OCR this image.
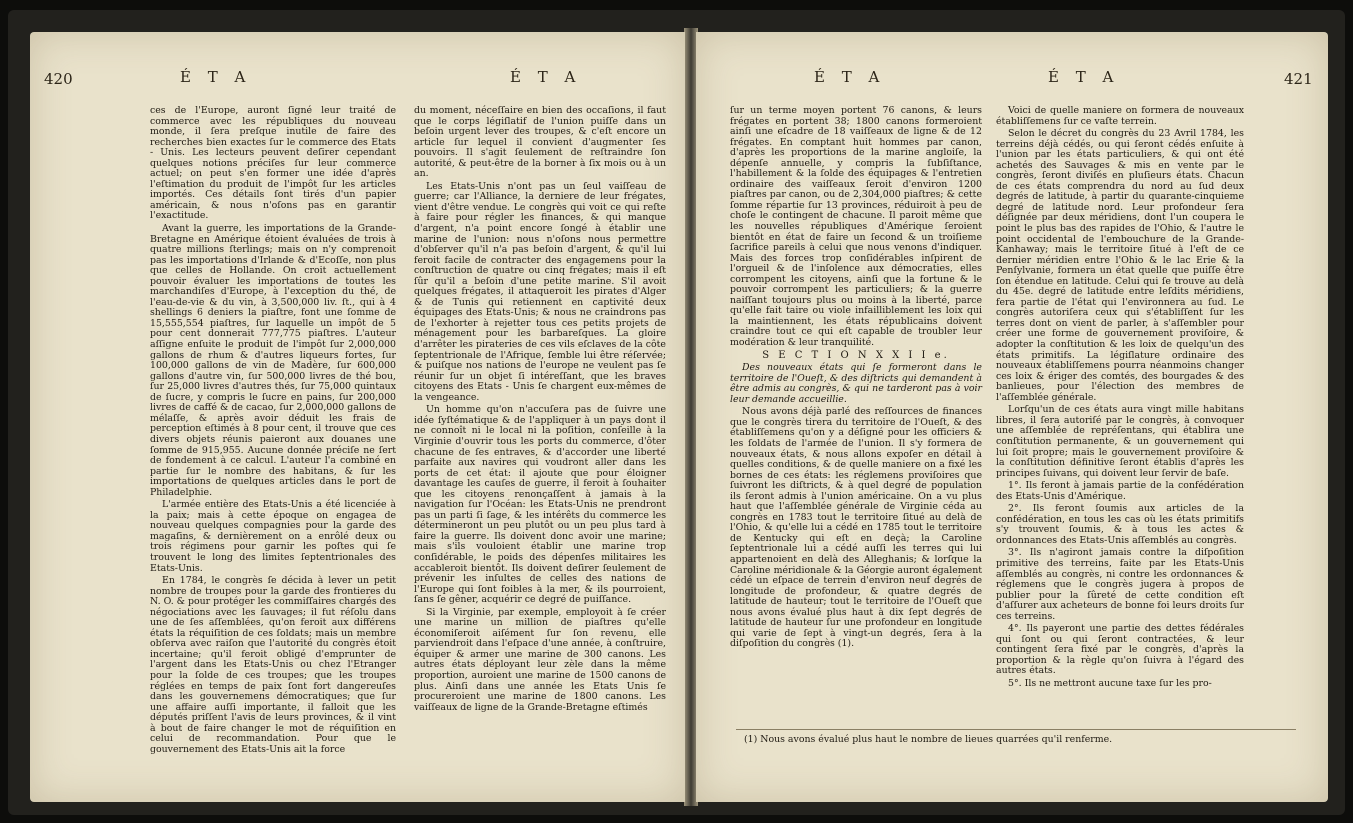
420	É T A	É T A

ces de l'Europe, auront ſigné leur traité de commerce avec les républiques du nouveau monde, il ſera preſque inutile de faire des recherches bien exactes ſur le commerce des Etats - Unis. Les lecteurs peuvent deſirer cependant quelques notions préciſes ſur leur commerce actuel; on peut s'en former une idée d'après l'eſtimation du produit de l'impôt ſur les articles importés. Ces détails ſont tirés d'un papier américain, & nous n'oſons pas en garantir l'exactitude.

Avant la guerre, les importations de la Grande-Bretagne en Amérique étoient évaluées de trois à quatre millions ſterlings; mais on n'y comprenoit pas les importations d'Irlande & d'Ecoſſe, non plus que celles de Hollande. On croit actuellement pouvoir évaluer les importations de toutes les marchandiſes d'Europe, à l'exception du thé, de l'eau-de-vie & du vin, à 3,500,000 liv. ſt., qui à 4 shellings 6 deniers la piaſtre, font une ſomme de 15,555,554 piaſtres, ſur laquelle un impôt de 5 pour cent donnerait 777,775 piaſtres. L'auteur aſſigne enſuite le produit de l'impôt ſur 2,000,000 gallons de rhum & d'autres liqueurs fortes, ſur 100,000 gallons de vin de Madère, ſur 600,000 gallons d'autre vin, ſur 500,000 livres de thé bou, ſur 25,000 livres d'autres thés, ſur 75,000 quintaux de ſucre, y compris le ſucre en pains, ſur 200,000 livres de caffé & de cacao, ſur 2,000,000 gallons de mélaſſe, & après avoir déduit les frais de perception eſtimés à 8 pour cent, il trouve que ces divers objets réunis paieront aux douanes une ſomme de 915,955. Aucune donnée préciſe ne ſert de fondement à ce calcul. L'auteur l'a combiné en partie ſur le nombre des habitans, & ſur les importations de quelques articles dans le port de Philadelphie.

L'armée entière des Etats-Unis a été licenciée à la paix; mais à cette époque on engagea de nouveau quelques compagnies pour la garde des magaſins, & dernièrement on a enrôlé deux ou trois régimens pour garnir les poſtes qui ſe trouvent le long des limites ſeptentrionales des Etats-Unis.

En 1784, le congrès ſe décida à lever un petit nombre de troupes pour la garde des frontieres du N. O. & pour protéger les commiſſaires chargés des négociations avec les ſauvages; il fut réſolu dans une de ſes aſſemblées, qu'on feroit aux différens états la réquiſition de ces ſoldats; mais un membre obſerva avec raiſon que l'autorité du congrès étoit incertaine; qu'il feroit obligé d'emprunter de l'argent dans les Etats-Unis ou chez l'Etranger pour la ſolde de ces troupes; que les troupes réglées en temps de paix ſont fort dangereuſes dans les gouvernemens démocratiques; que ſur une affaire auſſi importante, il falloit que les députés priſſent l'avis de leurs provinces, & il vint à bout de faire changer le mot de réquiſition en celui de recommandation. Pour que le gouvernement des Etats-Unis ait la force

du moment, néceſſaire en bien des occaſions, il faut que le corps légiſlatif de l'union puiſſe dans un beſoin urgent lever des troupes, & c'eſt encore un article ſur lequel il convient d'augmenter ſes pouvoirs. Il s'agit ſeulement de reſtraindre ſon autorité, & peut-être de la borner à ſix mois ou à un an.

Les Etats-Unis n'ont pas un ſeul vaiſſeau de guerre; car l'Alliance, la derniere de leur frégates, vient d'être vendue. Le congrès qui voit ce qui reſte à faire pour régler les finances, & qui manque d'argent, n'a point encore ſongé à établir une marine de l'union: nous n'oſons nous permettre d'obſerver qu'il n'a pas beſoin d'argent, & qu'il lui feroit facile de contracter des engagemens pour la conſtruction de quatre ou cinq frégates; mais il eſt ſûr qu'il a beſoin d'une petite marine. S'il avoit quelques frégates, il attaqueroit les pirates d'Alger & de Tunis qui retiennent en captivité deux équipages des Etats-Unis; & nous ne craindrons pas de l'exhorter à rejetter tous ces petits projets de ménagement pour les barbareſques. La gloire d'arrêter les pirateries de ces vils eſclaves de la côte ſeptentrionale de l'Afrique, ſemble lui être réſervée; & puiſque nos nations de l'europe ne veulent pas ſe réunir ſur un objet ſi intéreſſant, que les braves citoyens des Etats - Unis ſe chargent eux-mêmes de la vengeance.

Un homme qu'on n'accuſera pas de ſuivre une idée ſyſtématique & de l'appliquer à un pays dont il ne connoît ni le local ni la poſition, conſeille à la Virginie d'ouvrir tous les ports du commerce, d'ôter chacune de ſes entraves, & d'accorder une liberté parfaite aux navires qui voudront aller dans les ports de cet état: il ajoute que pour éloigner davantage les cauſes de guerre, il feroit à ſouhaiter que les citoyens renonçaſſent à jamais à la navigation ſur l'Océan: les Etats-Unis ne prendront pas un parti ſi ſage, & les intérêts du commerce les détermineront un peu plutôt ou un peu plus tard à faire la guerre. Ils doivent donc avoir une marine; mais s'ils vouloient établir une marine trop conſidérable, le poids des dépenſes militaires les accableroit bientôt. Ils doivent deſirer ſeulement de prévenir les inſultes de celles des nations de l'Europe qui ſont foibles à la mer, & ils pourroient, ſans ſe gêner, acquérir ce degré de puiſſance.

Si la Virginie, par exemple, employoit à ſe créer une marine un million de piaſtres qu'elle économiſeroit aiſément ſur ſon revenu, elle parviendroit dans l'eſpace d'une année, à conſtruire, équiper & armer une marine de 300 canons. Les autres états déployant leur zèle dans la même proportion, auroient une marine de 1500 canons de plus. Ainſi dans une année les Etats Unis ſe procureroient une marine de 1800 canons. Les vaiſſeaux de ligne de la Grande-Bretagne eſtimés

É T A	É T A	421

ſur un terme moyen portent 76 canons, & leurs frégates en portent 38; 1800 canons formeroient ainſi une eſcadre de 18 vaiſſeaux de ligne & de 12 frégates. En comptant huit hommes par canon, d'après les proportions de la marine angloiſe, la dépenſe annuelle, y compris la ſubſiſtance, l'habillement & la ſolde des équipages & l'entretien ordinaire des vaiſſeaux ſeroit d'environ 1200 piaſtres par canon, ou de 2,304,000 piaſtres; & cette ſomme répartie ſur 13 provinces, réduiroit à peu de choſe le contingent de chacune. Il paroit même que les nouvelles républiques d'Amérique ſeroient bientôt en état de faire un ſecond & un troiſieme ſacrifice pareils à celui que nous venons d'indiquer. Mais des forces trop conſidérables inſpirent de l'orgueil & de l'inſolence aux démocraties, elles corrompent les citoyens, ainſi que la fortune & le pouvoir corrompent les particuliers; & la guerre naiſſant toujours plus ou moins à la liberté, parce qu'elle fait taire ou viole infailliblement les loix qui la maintiennent, les états républicains doivent craindre tout ce qui eſt capable de troubler leur modération & leur tranquilité.

S E C T I O N X X I I e.

Des nouveaux états qui ſe formeront dans le territoire de l'Oueſt, & des diſtricts qui demandent à être admis au congrès, & qui ne tarderont pas à voir leur demande accueillie.

Nous avons déjà parlé des reſſources de finances que le congrès tirera du territoire de l'Oueſt, & des établiſſemens qu'on y a déſigné pour les officiers & les ſoldats de l'armée de l'union. Il s'y formera de nouveaux états, & nous allons expoſer en détail à quelles conditions, & de quelle maniere on a fixé les bornes de ces états: les réglemens proviſoires que ſuivront les diſtricts, & à quel degré de population ils ſeront admis à l'union américaine. On a vu plus haut que l'aſſemblée générale de Virginie céda au congrès en 1783 tout le territoire ſitué au delà de l'Ohio, & qu'elle lui a cédé en 1785 tout le territoire de Kentucky qui eſt en deçà; la Caroline ſeptentrionale lui a cédé auſſi les terres qui lui appartenoient en delà des Alleghanis; & lorſque la Caroline méridionale & la Géorgie auront également cédé un eſpace de terrein d'environ neuf degrés de longitude de profondeur, & quatre degrés de latitude de hauteur; tout le territoire de l'Oueſt que nous avons évalué plus haut à dix ſept degrés de latitude de hauteur ſur une profondeur en longitude qui varie de ſept à vingt-un degrés, ſera à la diſpoſition du congrès (1).

Voici de quelle maniere on formera de nouveaux établiſſemens ſur ce vaſte terrein.

Selon le décret du congrès du 23 Avril 1784, les terreins déjà cédés, ou qui ſeront cédés enſuite à l'union par les états particuliers, & qui ont été achetés des Sauvages & mis en vente par le congrès, ſeront diviſés en pluſieurs états. Chacun de ces états comprendra du nord au ſud deux degrés de latitude, à partir du quarante-cinquieme degré de latitude nord. Leur profondeur ſera déſignée par deux méridiens, dont l'un coupera le point le plus bas des rapides de l'Ohio, & l'autre le point occidental de l'embouchure de la Grande-Kanhaway; mais le territoire ſitué à l'eſt de ce dernier méridien entre l'Ohio & le lac Erie & la Penſylvanie, formera un état quelle que puiſſe être ſon étendue en latitude. Celui qui ſe trouve au delà du 45e. degré de latitude entre leſdits méridiens, fera partie de l'état qui l'environnera au ſud. Le congrès autoriſera ceux qui s'établiſſent ſur les terres dont on vient de parler, à s'aſſembler pour créer une forme de gouvernement proviſoire, & adopter la conſtitution & les loix de quelqu'un des états primitifs. La légiſlature ordinaire des nouveaux établiſſemens pourra néanmoins changer ces loix & ériger des comtés, des bourgades & des banlieues, pour l'élection des membres de l'aſſemblée générale.

Lorſqu'un de ces états aura vingt mille habitans libres, il ſera autoriſé par le congrès, à convoquer une aſſemblée de repréſentans, qui établira une conſtitution permanente, & un gouvernement qui lui ſoit propre; mais le gouvernement proviſoire & la conſtitution définitive ſeront établis d'après les principes ſuivans, qui doivent leur ſervir de baſe.

1°. Ils feront à jamais partie de la confédération des Etats-Unis d'Amérique.

2°. Ils feront ſoumis aux articles de la confédération, en tous les cas où les états primitifs s'y trouvent ſoumis, & à tous les actes & ordonnances des Etats-Unis aſſemblés au congrès.

3°. Ils n'agiront jamais contre la diſpoſition primitive des terreins, faite par les Etats-Unis aſſemblés au congrès, ni contre les ordonnances & réglemens que le congrès jugera à propos de publier pour la ſûreté de cette condition eſt d'aſſurer aux acheteurs de bonne foi leurs droits ſur ces terreins.

4°. Ils payeront une partie des dettes fédérales qui ſont ou qui ſeront contractées, & leur contingent ſera fixé par le congrès, d'après la proportion & la règle qu'on ſuivra à l'égard des autres états.

5°. Ils ne mettront aucune taxe ſur les pro-

(1) Nous avons évalué plus haut le nombre de lieues quarrées qu'il renferme.
